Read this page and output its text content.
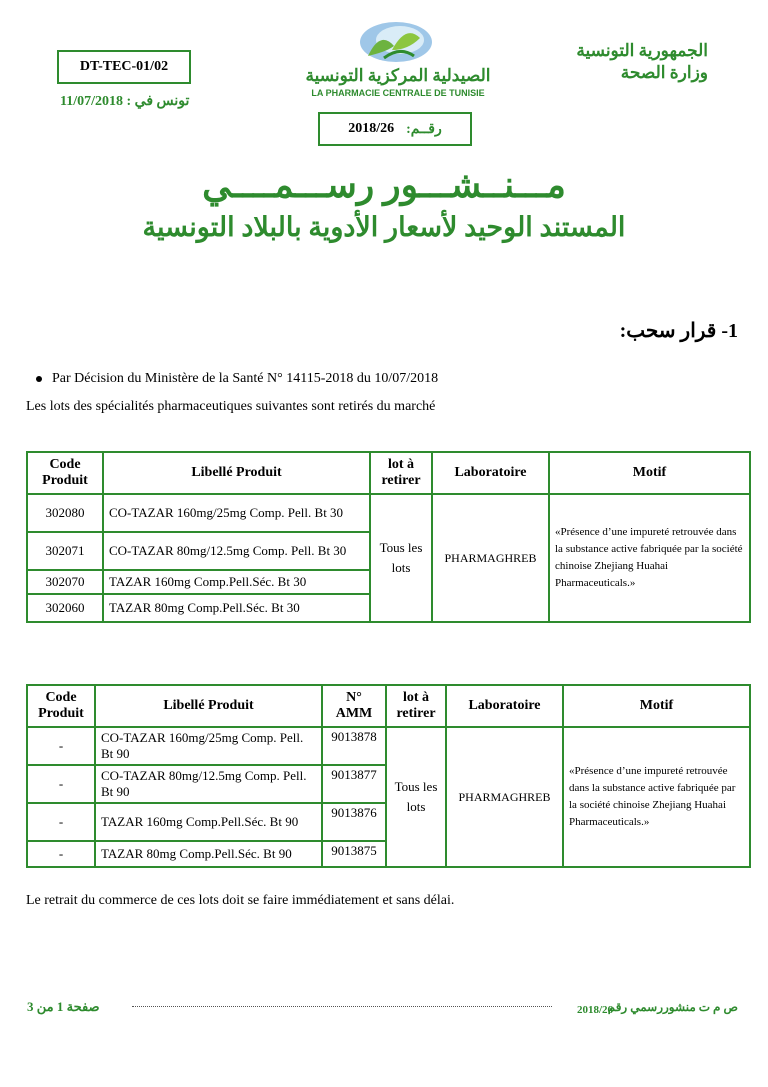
DT-TEC-01/02
تونس في : 11/07/2018
الصيدلية المركزية التونسية
LA PHARMACIE CENTRALE DE TUNISIE
الجمهورية التونسية
وزارة الصحة
رقــم:
2018/26
مـــنــشـــور رســـمــــي
المستند الوحيد لأسعار الأدوية بالبلاد التونسية
1- قرار سحب:
Par Décision du Ministère de la Santé N° 14115-2018 du 10/07/2018
Les lots des spécialités pharmaceutiques suivantes sont retirés du marché
Code Produit	Libellé Produit	lot à retirer	Laboratoire	Motif
302080	CO-TAZAR 160mg/25mg Comp. Pell. Bt 30	Tous les lots	PHARMAGHREB	«Présence d’une impureté retrouvée dans la substance active fabriquée par la société chinoise Zhejiang Huahai Pharmaceuticals.»
302071	CO-TAZAR 80mg/12.5mg Comp. Pell. Bt 30			
302070	TAZAR 160mg Comp.Pell.Séc. Bt 30			
302060	TAZAR 80mg Comp.Pell.Séc. Bt 30			
Code Produit	Libellé Produit	N° AMM	lot à retirer	Laboratoire	Motif
-	CO-TAZAR 160mg/25mg Comp. Pell. Bt 90	9013878	Tous les lots	PHARMAGHREB	«Présence d’une impureté retrouvée dans la substance active fabriquée par la société chinoise Zhejiang Huahai Pharmaceuticals.»
-	CO-TAZAR 80mg/12.5mg Comp. Pell. Bt 90	9013877			
-	TAZAR 160mg Comp.Pell.Séc. Bt 90	9013876			
-	TAZAR 80mg Comp.Pell.Séc. Bt 90	9013875			
Le retrait du commerce de ces lots doit se faire immédiatement et sans délai.
صفحة 1 من 3	2018/26
ص م ت منشوررسمي رقم
